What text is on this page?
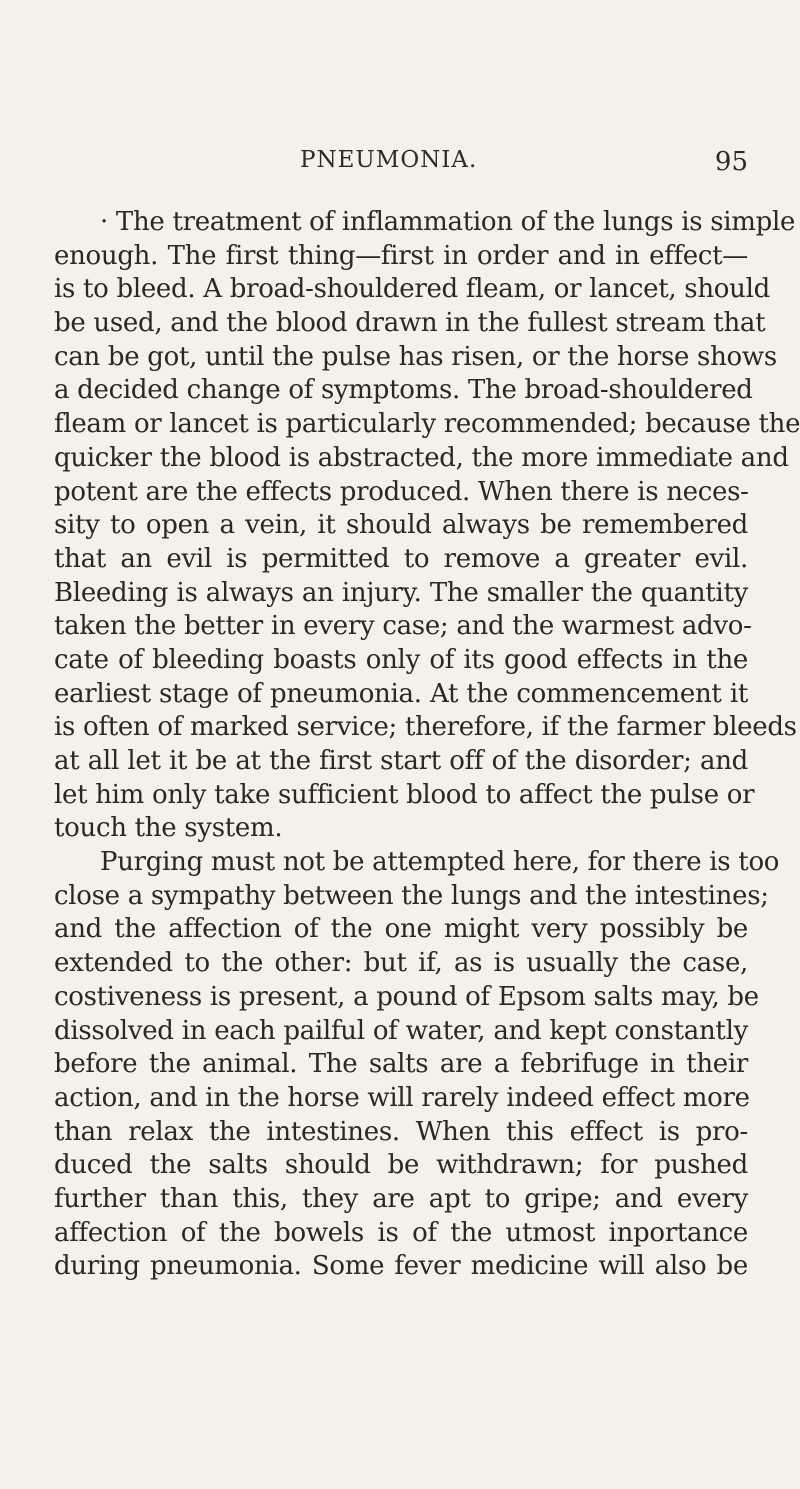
PNEUMONIA.	95
· The treatment of inflammation of the lungs is simple
enough. The first thing—first in order and in effect—
is to bleed. A broad-shouldered fleam, or lancet, should
be used, and the blood drawn in the fullest stream that
can be got, until the pulse has risen, or the horse shows
a decided change of symptoms. The broad-shouldered
fleam or lancet is particularly recommended; because the
quicker the blood is abstracted, the more immediate and
potent are the effects produced. When there is neces-
sity to open a vein, it should always be remembered
that an evil is permitted to remove a greater evil.
Bleeding is always an injury. The smaller the quantity
taken the better in every case; and the warmest advo-
cate of bleeding boasts only of its good effects in the
earliest stage of pneumonia. At the commencement it
is often of marked service; therefore, if the farmer bleeds
at all let it be at the first start off of the disorder; and
let him only take sufficient blood to affect the pulse or
touch the system.
Purging must not be attempted here, for there is too
close a sympathy between the lungs and the intestines;
and the affection of the one might very possibly be
extended to the other: but if, as is usually the case,
costiveness is present, a pound of Epsom salts may, be
dissolved in each pailful of water, and kept constantly
before the animal. The salts are a febrifuge in their
action, and in the horse will rarely indeed effect more
than relax the intestines. When this effect is pro-
duced the salts should be withdrawn; for pushed
further than this, they are apt to gripe; and every
affection of the bowels is of the utmost inportance
during pneumonia. Some fever medicine will also be
